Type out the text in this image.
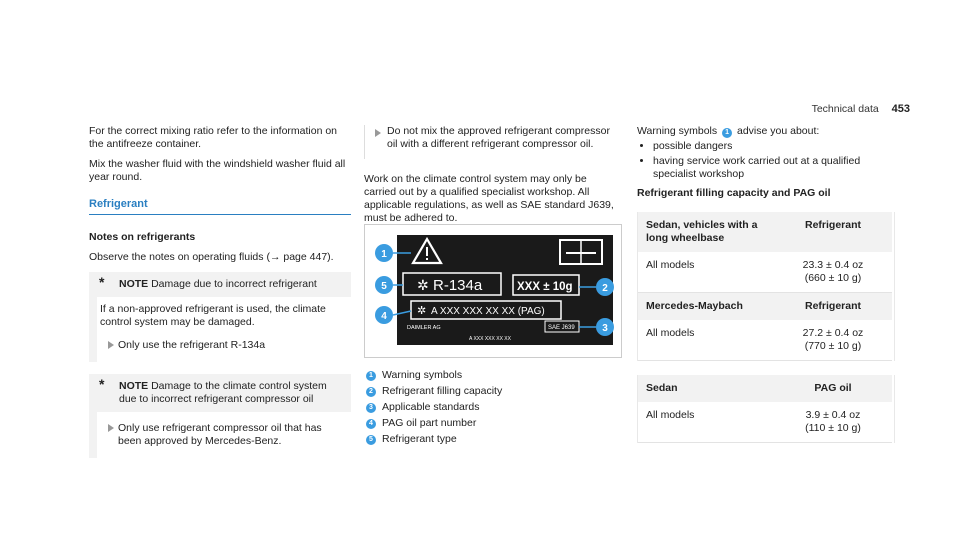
Technical data 453

For the correct mixing ratio refer to the information on the antifreeze container.

Mix the washer fluid with the windshield washer fluid all year round.

Refrigerant

Notes on refrigerants

Observe the notes on operating fluids (→ page 447).

* NOTE Damage due to incorrect refrigerant
If a non-approved refrigerant is used, the climate control system may be damaged.
Only use the refrigerant R-134a
* NOTE Damage to the climate control system due to incorrect refrigerant compressor oil
Only use refrigerant compressor oil that has been approved by Mercedes-Benz.
Do not mix the approved refrigerant compressor oil with a different refrigerant compressor oil.

Work on the climate control system may only be carried out by a qualified specialist workshop. All applicable regulations, as well as SAE standard J639, must be adhered to.

✲ R-134a	XXX ± 10g
✲ A XXX XXX XX XX (PAG)
DAIMLER AG	SAE J639
A XXX XXX XX XX
1
5
4
2
3
1 Warning symbols
2 Refrigerant filling capacity
3 Applicable standards
4 PAG oil part number
5 Refrigerant type
Warning symbols 1 advise you about:
• possible dangers
• having service work carried out at a qualified specialist workshop
Refrigerant filling capacity and PAG oil
Sedan, vehicles with a long wheelbase	Refrigerant
All models	23.3 ± 0.4 oz
(660 ± 10 g)
Mercedes-Maybach	Refrigerant
All models	27.2 ± 0.4 oz
(770 ± 10 g)
Sedan	PAG oil
All models	3.9 ± 0.4 oz
(110 ± 10 g)
